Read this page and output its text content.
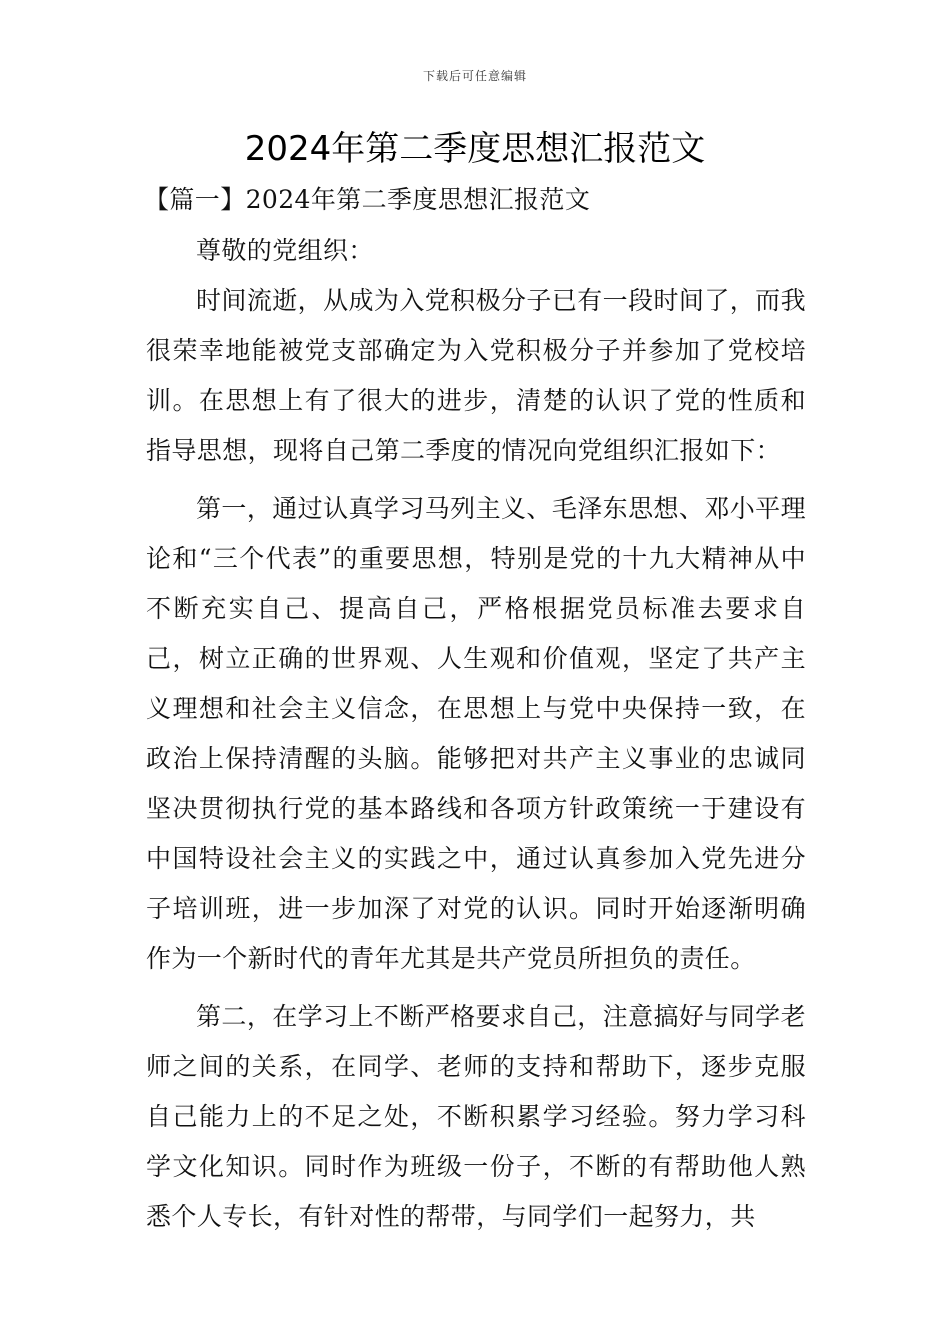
下载后可任意编辑
2024年第二季度思想汇报范文
【篇一】2024年第二季度思想汇报范文

尊敬的党组织：

时间流逝，从成为入党积极分子已有一段时间了，而我很荣幸地能被党支部确定为入党积极分子并参加了党校培训。在思想上有了很大的进步，清楚的认识了党的性质和指导思想，现将自己第二季度的情况向党组织汇报如下：

第一，通过认真学习马列主义、毛泽东思想、邓小平理论和“三个代表”的重要思想，特别是党的十九大精神从中不断充实自己、提高自己，严格根据党员标准去要求自己，树立正确的世界观、人生观和价值观，坚定了共产主义理想和社会主义信念，在思想上与党中央保持一致，在政治上保持清醒的头脑。能够把对共产主义事业的忠诚同坚决贯彻执行党的基本路线和各项方针政策统一于建设有中国特设社会主义的实践之中，通过认真参加入党先进分子培训班，进一步加深了对党的认识。同时开始逐渐明确作为一个新时代的青年尤其是共产党员所担负的责任。

第二，在学习上不断严格要求自己，注意搞好与同学老师之间的关系，在同学、老师的支持和帮助下，逐步克服自己能力上的不足之处，不断积累学习经验。努力学习科学文化知识。同时作为班级一份子，不断的有帮助他人熟悉个人专长，有针对性的帮带，与同学们一起努力，共
